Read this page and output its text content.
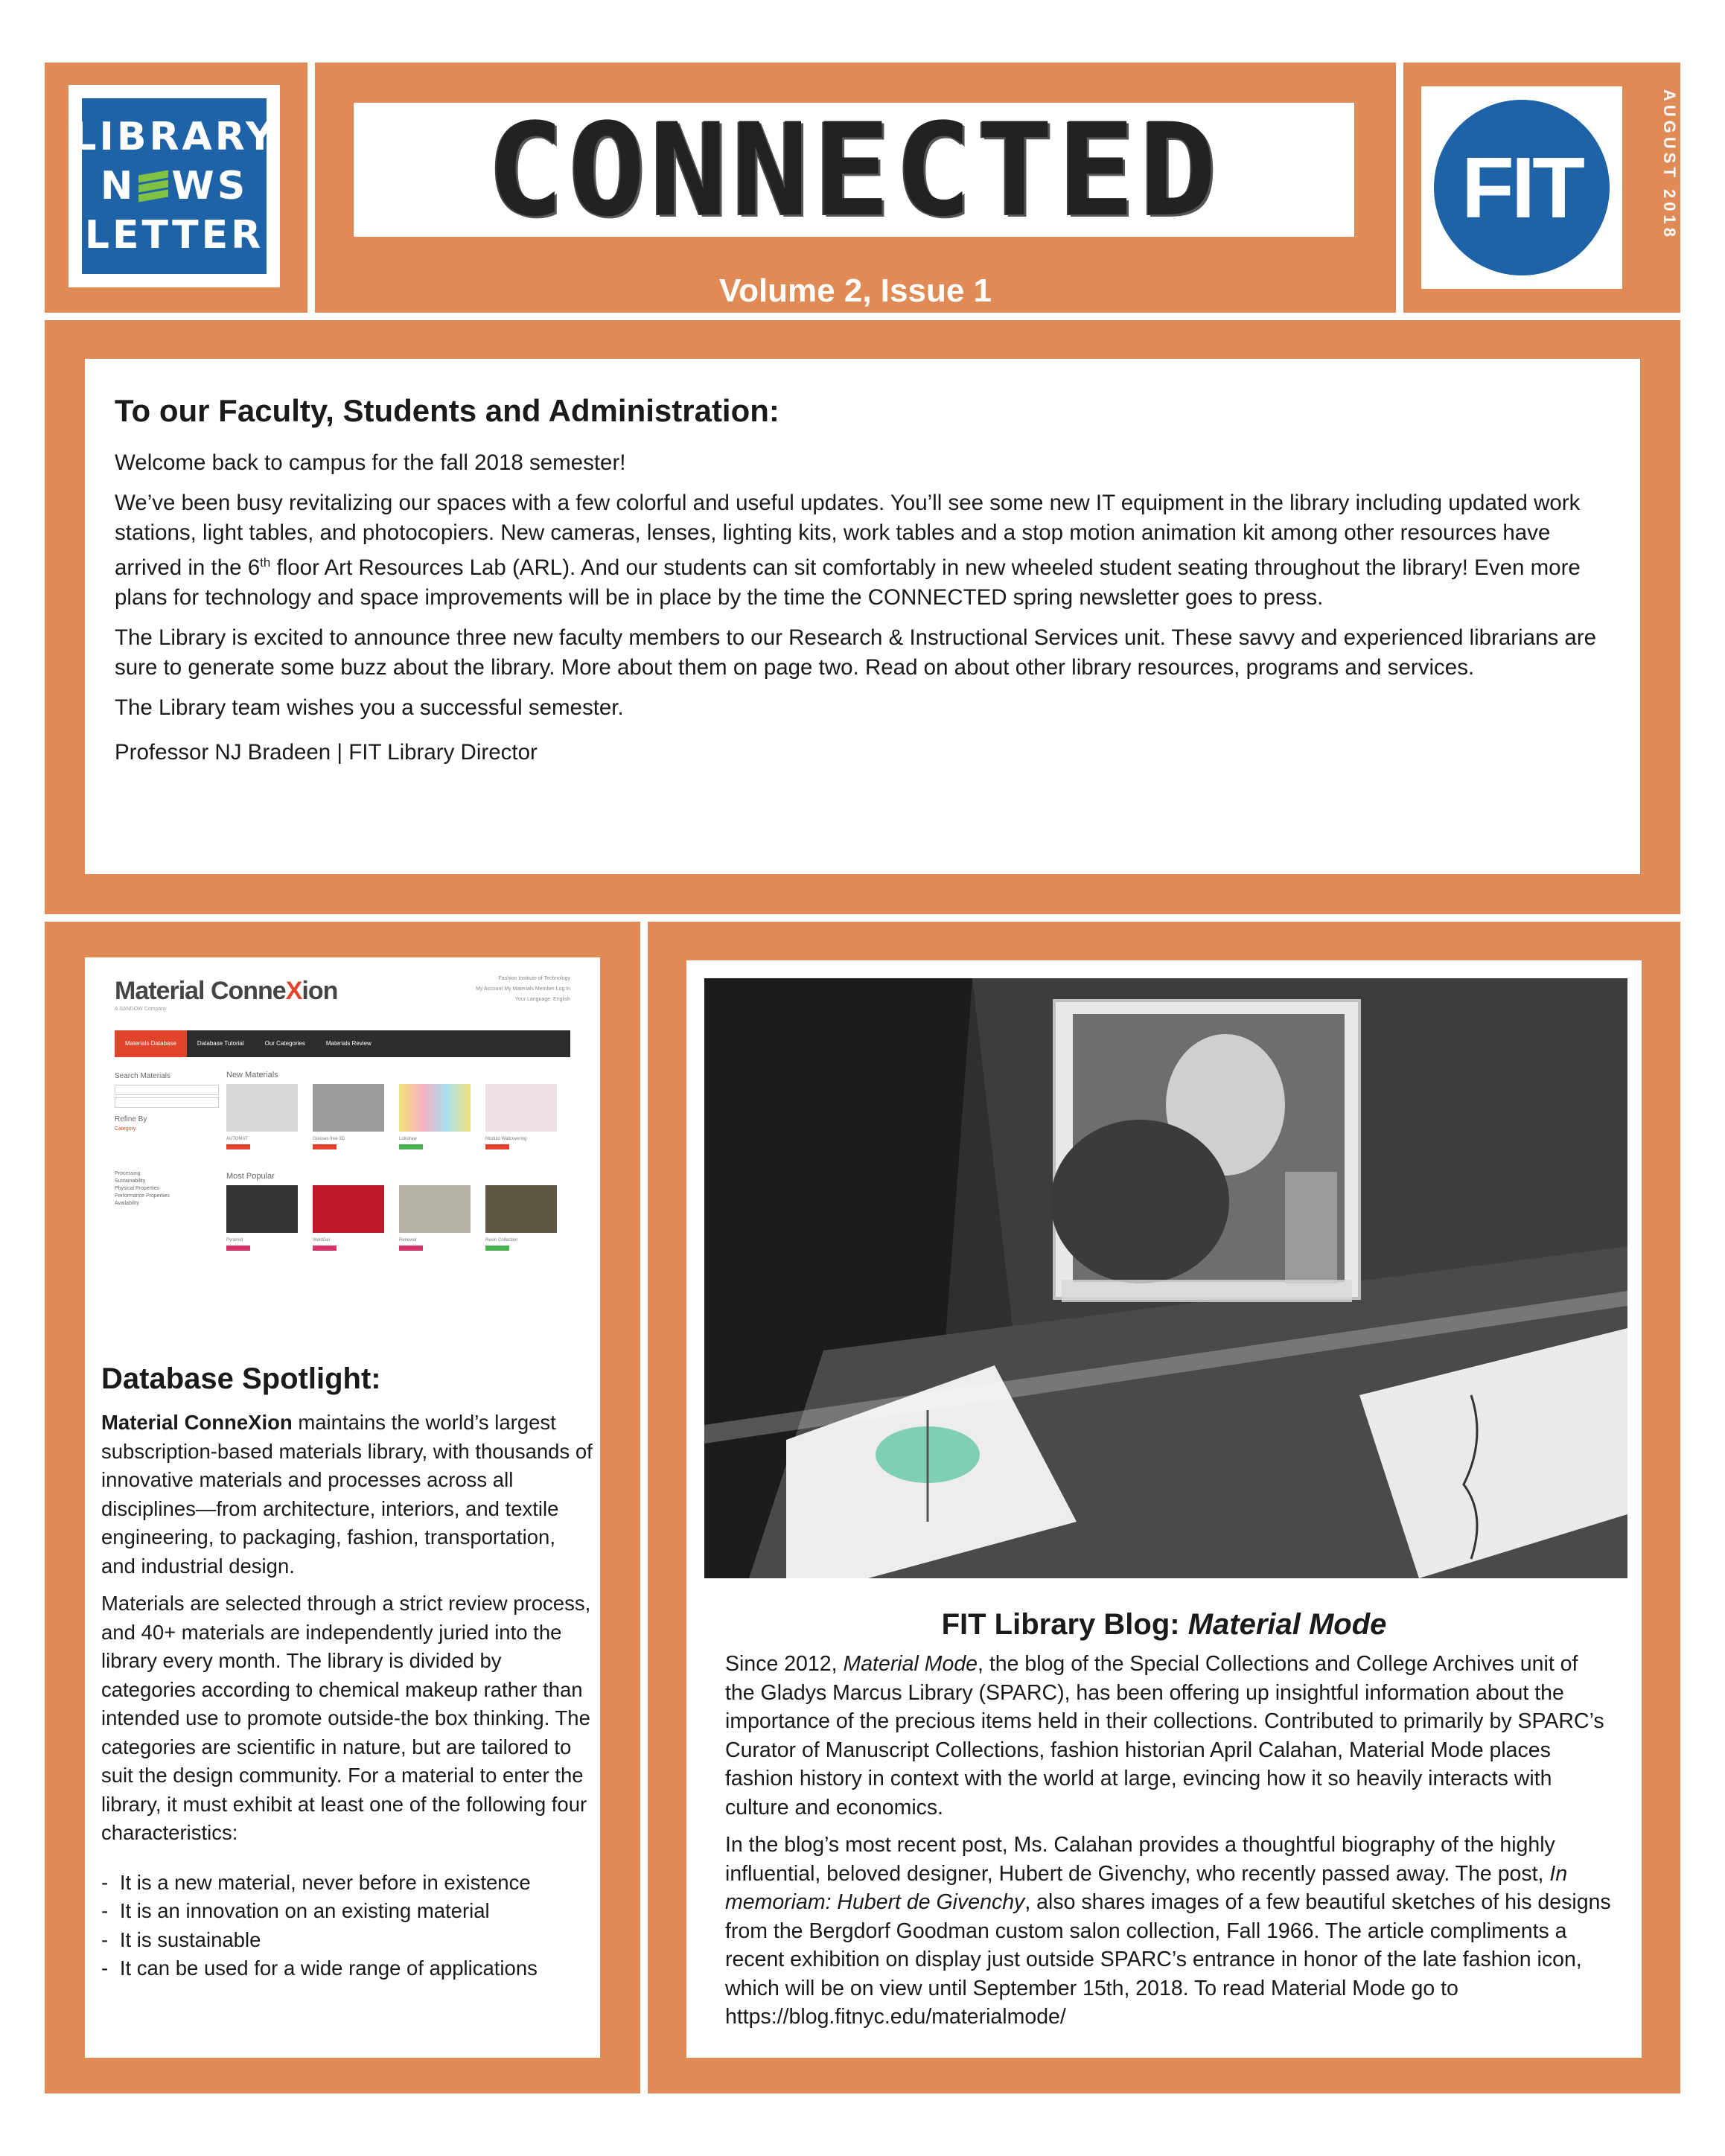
LIBRARY
N WS
LETTER CONNECTED
Volume 2, Issue 1
FIT	AUGUST 2018
To our Faculty, Students and Administration:

Welcome back to campus for the fall 2018 semester!

We’ve been busy revitalizing our spaces with a few colorful and useful updates. You’ll see some new IT equipment in the library including updated work stations, light tables, and photocopiers. New cameras, lenses, lighting kits, work tables and a stop motion animation kit among other resources have arrived in the 6th floor Art Resources Lab (ARL). And our students can sit comfortably in new wheeled student seating throughout the library! Even more plans for technology and space improvements will be in place by the time the CONNECTED spring newsletter goes to press.

The Library is excited to announce three new faculty members to our Research & Instructional Services unit. These savvy and experienced librarians are sure to generate some buzz about the library. More about them on page two. Read on about other library resources, programs and services.

The Library team wishes you a successful semester.

Professor NJ Bradeen | FIT Library Director

Material ConneXion
A SANDOW Company
Fashion Institute of Technology
My Account My Materials Member Log In
Your Language: English
Materials Database	Database Tutorial	Our Categories	Materials Review
Search Materials
Refine By
Category
Processing
Sustainability
Physical Properties
Performance Properties
Availability
New Materials
AUTOMAT	Glasses free 3D	Lolistraw	Modulo Wallcovering
Most Popular
Pyramid	WeldGel	Renewal	Resin Collection
Database Spotlight:

Material ConneXion maintains the world’s largest subscription-based materials library, with thousands of innovative materials and processes across all disciplines—from architecture, interiors, and textile engineering, to packaging, fashion, transportation, and industrial design.

Materials are selected through a strict review process, and 40+ materials are independently juried into the library every month. The library is divided by categories according to chemical makeup rather than intended use to promote outside-the box thinking. The categories are scientific in nature, but are tailored to suit the design community. For a material to enter the library, it must exhibit at least one of the following four characteristics:

- It is a new material, never before in existence
- It is an innovation on an existing material
- It is sustainable
- It can be used for a wide range of applications
FIT Library Blog: Material Mode

Since 2012, Material Mode, the blog of the Special Collections and College Archives unit of the Gladys Marcus Library (SPARC), has been offering up insightful information about the importance of the precious items held in their collections. Contributed to primarily by SPARC’s Curator of Manuscript Collections, fashion historian April Calahan, Material Mode places fashion history in context with the world at large, evincing how it so heavily interacts with culture and economics.

In the blog’s most recent post, Ms. Calahan provides a thoughtful biography of the highly influential, beloved designer, Hubert de Givenchy, who recently passed away. The post, In memoriam: Hubert de Givenchy, also shares images of a few beautiful sketches of his designs from the Bergdorf Goodman custom salon collection, Fall 1966. The article compliments a recent exhibition on display just outside SPARC’s entrance in honor of the late fashion icon, which will be on view until September 15th, 2018. To read Material Mode go to https://blog.fitnyc.edu/materialmode/
